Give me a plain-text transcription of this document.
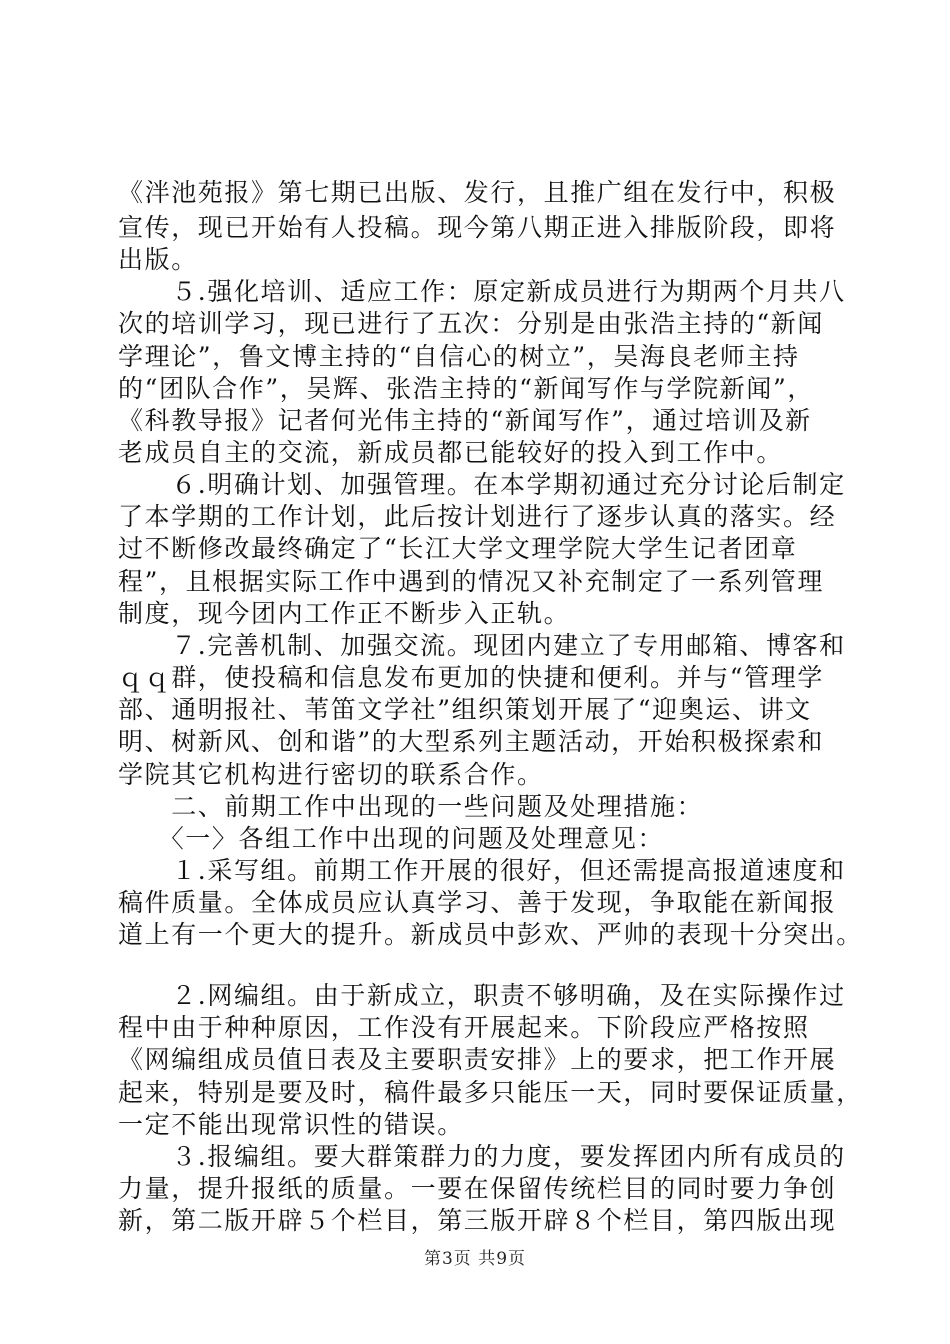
《泮池苑报》第七期已出版、发行，且推广组在发行中，积极
宣传，现已开始有人投稿。现今第八期正进入排版阶段，即将
出版。
　　５.强化培训、适应工作：原定新成员进行为期两个月共八
次的培训学习，现已进行了五次：分别是由张浩主持的“新闻
学理论”，鲁文博主持的“自信心的树立”，吴海良老师主持
的“团队合作”，吴辉、张浩主持的“新闻写作与学院新闻”，
《科教导报》记者何光伟主持的“新闻写作”，通过培训及新
老成员自主的交流，新成员都已能较好的投入到工作中。
　　６.明确计划、加强管理。在本学期初通过充分讨论后制定
了本学期的工作计划，此后按计划进行了逐步认真的落实。经
过不断修改最终确定了“长江大学文理学院大学生记者团章
程”，且根据实际工作中遇到的情况又补充制定了一系列管理
制度，现今团内工作正不断步入正轨。
　　７.完善机制、加强交流。现团内建立了专用邮箱、博客和
ｑｑ群，使投稿和信息发布更加的快捷和便利。并与“管理学
部、通明报社、苇笛文学社”组织策划开展了“迎奥运、讲文
明、树新风、创和谐”的大型系列主题活动，开始积极探索和
学院其它机构进行密切的联系合作。
　　二、前期工作中出现的一些问题及处理措施：
　　〈一〉各组工作中出现的问题及处理意见：
　　１.采写组。前期工作开展的很好，但还需提高报道速度和
稿件质量。全体成员应认真学习、善于发现，争取能在新闻报
道上有一个更大的提升。新成员中彭欢、严帅的表现十分突出。
　　２.网编组。由于新成立，职责不够明确，及在实际操作过
程中由于种种原因，工作没有开展起来。下阶段应严格按照
《网编组成员值日表及主要职责安排》上的要求，把工作开展
起来，特别是要及时，稿件最多只能压一天，同时要保证质量，
一定不能出现常识性的错误。
　　３.报编组。要大群策群力的力度，要发挥团内所有成员的
力量，提升报纸的质量。一要在保留传统栏目的同时要力争创
新，第二版开辟５个栏目，第三版开辟８个栏目，第四版出现
第3页 共9页
